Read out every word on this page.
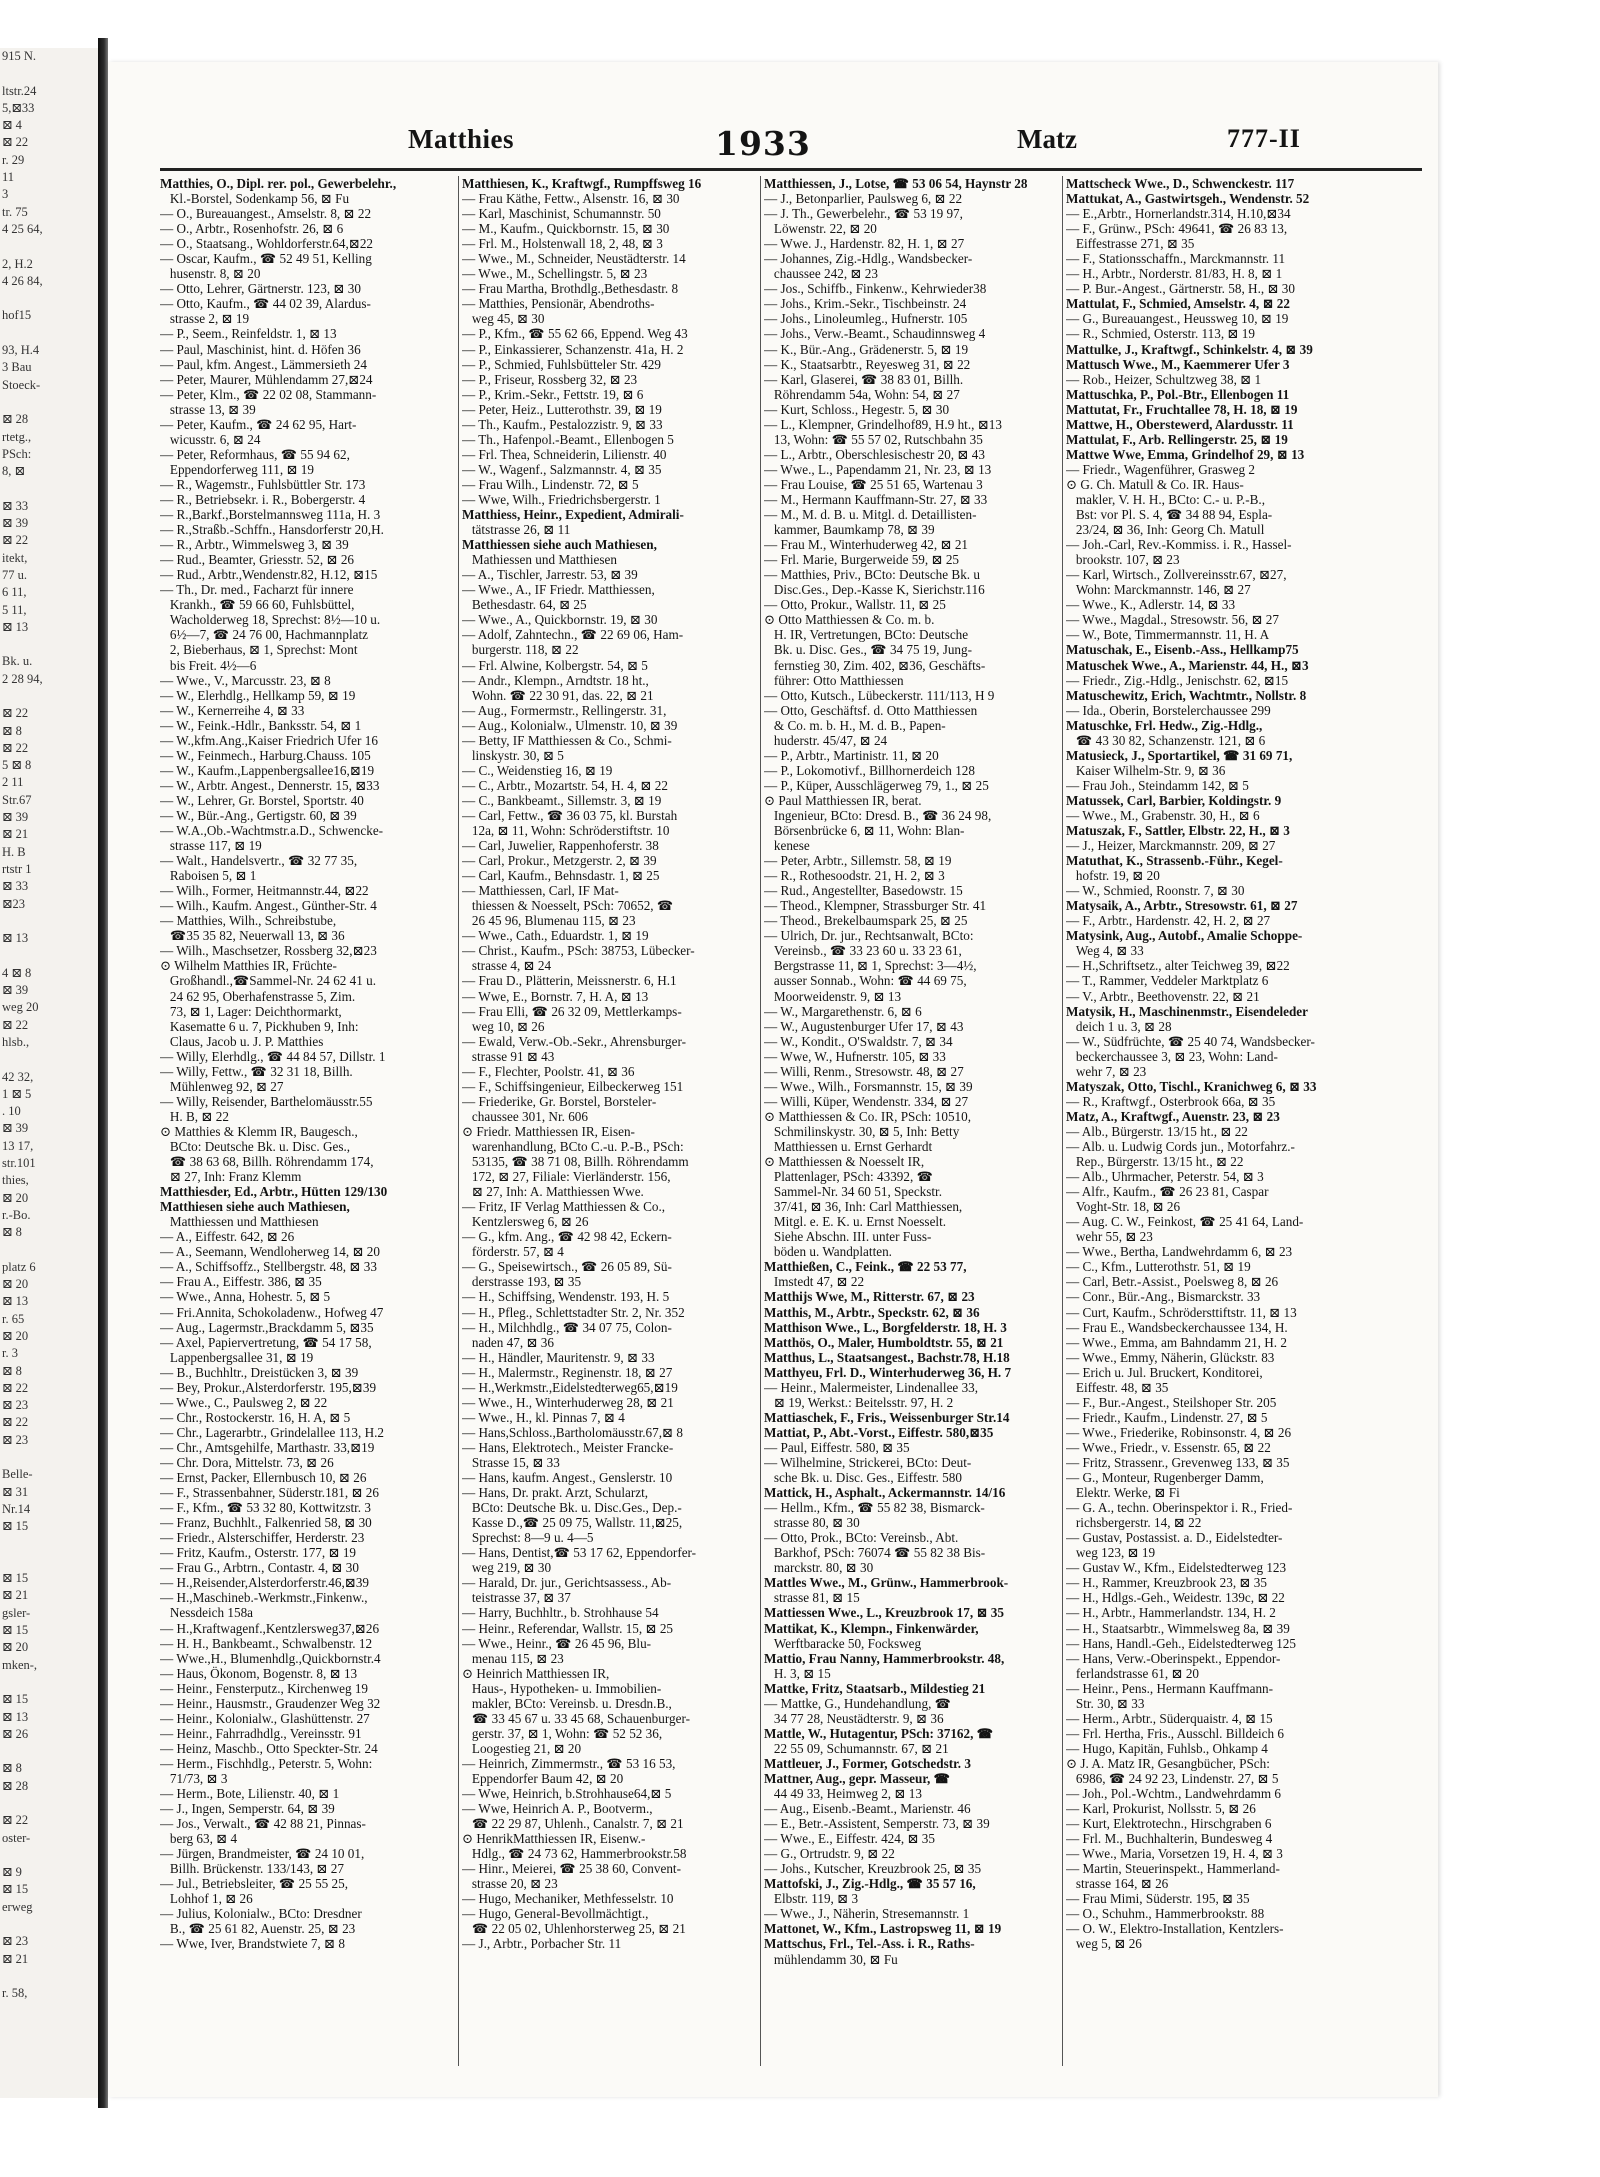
915 N.

ltstr.24
5,⊠33
⊠ 4
⊠ 22
r. 29
11
3
tr. 75
4 25 64,

2, H.2
4 26 84,

hof15

93, H.4
3 Bau
Stoeck-

⊠ 28
rtetg.,
PSch:
8, ⊠

⊠ 33
⊠ 39
⊠ 22
itekt,
77 u.
6 11,
5 11,
⊠ 13

Bk. u.
2 28 94,

⊠ 22
⊠ 8
⊠ 22
5 ⊠ 8
2 11
Str.67
⊠ 39
⊠ 21
H. B
rtstr 1
⊠ 33
⊠23

⊠ 13

4 ⊠ 8
⊠ 39
weg 20
⊠ 22
hlsb.,

42 32,
1 ⊠ 5
. 10
⊠ 39
13 17,
str.101
thies,
⊠ 20
r.-Bo.
⊠ 8

platz 6
⊠ 20
⊠ 13
r. 65
⊠ 20
r. 3
⊠ 8
⊠ 22
⊠ 23
⊠ 22
⊠ 23

Belle-
⊠ 31
Nr.14
⊠ 15

⊠ 15
⊠ 21
gsler-
⊠ 15
⊠ 20
mken-,

⊠ 15
⊠ 13
⊠ 26

⊠ 8
⊠ 28

⊠ 22
oster-

⊠ 9
⊠ 15
erweg

⊠ 23
⊠ 21

r. 58,
Matthies	1933	Matz	777-II
Matthies, O., Dipl. rer. pol., Gewerbelehr.,
Kl.-Borstel, Sodenkamp 56, ⊠ Fu
— O., Bureauangest., Amselstr. 8, ⊠ 22
— O., Arbtr., Rosenhofstr. 26, ⊠ 6
— O., Staatsang., Wohldorferstr.64,⊠22
— Oscar, Kaufm., ☎ 52 49 51, Kelling
husenstr. 8, ⊠ 20
— Otto, Lehrer, Gärtnerstr. 123, ⊠ 30
— Otto, Kaufm., ☎ 44 02 39, Alardus-
strasse 2, ⊠ 19
— P., Seem., Reinfeldstr. 1, ⊠ 13
— Paul, Maschinist, hint. d. Höfen 36
— Paul, kfm. Angest., Lämmersieth 24
— Peter, Maurer, Mühlendamm 27,⊠24
— Peter, Klm., ☎ 22 02 08, Stammann-
strasse 13, ⊠ 39
— Peter, Kaufm., ☎ 24 62 95, Hart-
wicusstr. 6, ⊠ 24
— Peter, Reformhaus, ☎ 55 94 62,
Eppendorferweg 111, ⊠ 19
— R., Wagemstr., Fuhlsbüttler Str. 173
— R., Betriebsekr. i. R., Bobergerstr. 4
— R.,Barkf.,Borstelmannsweg 111a, H. 3
— R.,Straßb.-Schffn., Hansdorferstr 20,H.
— R., Arbtr., Wimmelsweg 3, ⊠ 39
— Rud., Beamter, Griesstr. 52, ⊠ 26
— Rud., Arbtr.,Wendenstr.82, H.12, ⊠15
— Th., Dr. med., Facharzt für innere
Krankh., ☎ 59 66 60, Fuhlsbüttel,
Wacholderweg 18, Sprechst: 8½—10 u.
6½—7, ☎ 24 76 00, Hachmannplatz
2, Bieberhaus, ⊠ 1, Sprechst: Mont
bis Freit. 4½—6
— Wwe., V., Marcusstr. 23, ⊠ 8
— W., Elerhdlg., Hellkamp 59, ⊠ 19
— W., Kernerreihe 4, ⊠ 33
— W., Feink.-Hdlr., Banksstr. 54, ⊠ 1
— W.,kfm.Ang.,Kaiser Friedrich Ufer 16
— W., Feinmech., Harburg.Chauss. 105
— W., Kaufm.,Lappenbergsallee16,⊠19
— W., Arbtr. Angest., Dennerstr. 15, ⊠33
— W., Lehrer, Gr. Borstel, Sportstr. 40
— W., Bür.-Ang., Gertigstr. 60, ⊠ 39
— W.A.,Ob.-Wachtmstr.a.D., Schwencke-
strasse 117, ⊠ 19
— Walt., Handelsvertr., ☎ 32 77 35,
Raboisen 5, ⊠ 1
— Wilh., Former, Heitmannstr.44, ⊠22
— Wilh., Kaufm. Angest., Günther-Str. 4
— Matthies, Wilh., Schreibstube,
☎35 35 82, Neuerwall 13, ⊠ 36
— Wilh., Maschsetzer, Rossberg 32,⊠23
⊙ Wilhelm Matthies IR, Früchte-
Großhandl.,☎Sammel-Nr. 24 62 41 u.
24 62 95, Oberhafenstrasse 5, Zim.
73, ⊠ 1, Lager: Deichthormarkt,
Kasematte 6 u. 7, Pickhuben 9, Inh:
Claus, Jacob u. J. P. Matthies
— Willy, Elerhdlg., ☎ 44 84 57, Dillstr. 1
— Willy, Fettw., ☎ 32 31 18, Billh.
Mühlenweg 92, ⊠ 27
— Willy, Reisender, Barthelomäusstr.55
H. B, ⊠ 22
⊙ Matthies & Klemm IR, Baugesch.,
BCto: Deutsche Bk. u. Disc. Ges.,
☎ 38 63 68, Billh. Röhrendamm 174,
⊠ 27, Inh: Franz Klemm
Matthiesder, Ed., Arbtr., Hütten 129/130
Matthiesen siehe auch Mathiesen,
Matthiessen und Matthiesen
— A., Eiffestr. 642, ⊠ 26
— A., Seemann, Wendloherweg 14, ⊠ 20
— A., Schiffsoffz., Stellbergstr. 48, ⊠ 33
— Frau A., Eiffestr. 386, ⊠ 35
— Wwe., Anna, Hohestr. 5, ⊠ 5
— Fri.Annita, Schokoladenw., Hofweg 47
— Aug., Lagermstr.,Brackdamm 5, ⊠35
— Axel, Papiervertretung, ☎ 54 17 58,
Lappenbergsallee 31, ⊠ 19
— B., Buchhltr., Dreistücken 3, ⊠ 39
— Bey, Prokur.,Alsterdorferstr. 195,⊠39
— Wwe., C., Paulsweg 2, ⊠ 22
— Chr., Rostockerstr. 16, H. A, ⊠ 5
— Chr., Lagerarbtr., Grindelallee 113, H.2
— Chr., Amtsgehilfe, Marthastr. 33,⊠19
— Chr. Dora, Mittelstr. 73, ⊠ 26
— Ernst, Packer, Ellernbusch 10, ⊠ 26
— F., Strassenbahner, Süderstr.181, ⊠ 26
— F., Kfm., ☎ 53 32 80, Kottwitzstr. 3
— Franz, Buchhlt., Falkenried 58, ⊠ 30
— Friedr., Alsterschiffer, Herderstr. 23
— Fritz, Kaufm., Osterstr. 177, ⊠ 19
— Frau G., Arbtrn., Contastr. 4, ⊠ 30
— H.,Reisender,Alsterdorferstr.46,⊠39
— H.,Maschineb.-Werkmstr.,Finkenw.,
Nessdeich 158a
— H.,Kraftwagenf.,Kentzlersweg37,⊠26
— H. H., Bankbeamt., Schwalbenstr. 12
— Wwe.,H., Blumenhdlg.,Quickbornstr.4
— Haus, Ökonom, Bogenstr. 8, ⊠ 13
— Heinr., Fensterputz., Kirchenweg 19
— Heinr., Hausmstr., Graudenzer Weg 32
— Heinr., Kolonialw., Glashüttenstr. 27
— Heinr., Fahrradhdlg., Vereinsstr. 91
— Heinz, Maschb., Otto Speckter-Str. 24
— Herm., Fischhdlg., Peterstr. 5, Wohn:
71/73, ⊠ 3
— Herm., Bote, Lilienstr. 40, ⊠ 1
— J., Ingen, Semperstr. 64, ⊠ 39
— Jos., Verwalt., ☎ 42 88 21, Pinnas-
berg 63, ⊠ 4
— Jürgen, Brandmeister, ☎ 24 10 01,
Billh. Brückenstr. 133/143, ⊠ 27
— Jul., Betriebsleiter, ☎ 25 55 25,
Lohhof 1, ⊠ 26
— Julius, Kolonialw., BCto: Dresdner
B., ☎ 25 61 82, Auenstr. 25, ⊠ 23
— Wwe, Iver, Brandstwiete 7, ⊠ 8
Matthiesen, K., Kraftwgf., Rumpffsweg 16
— Frau Käthe, Fettw., Alsenstr. 16, ⊠ 30
— Karl, Maschinist, Schumannstr. 50
— M., Kaufm., Quickbornstr. 15, ⊠ 30
— Frl. M., Holstenwall 18, 2, 48, ⊠ 3
— Wwe., M., Schneider, Neustädterstr. 14
— Wwe., M., Schellingstr. 5, ⊠ 23
— Frau Martha, Brothdlg.,Bethesdastr. 8
— Matthies, Pensionär, Abendroths-
weg 45, ⊠ 30
— P., Kfm., ☎ 55 62 66, Eppend. Weg 43
— P., Einkassierer, Schanzenstr. 41a, H. 2
— P., Schmied, Fuhlsbütteler Str. 429
— P., Friseur, Rossberg 32, ⊠ 23
— P., Krim.-Sekr., Fettstr. 19, ⊠ 6
— Peter, Heiz., Lutterothstr. 39, ⊠ 19
— Th., Kaufm., Pestalozzistr. 9, ⊠ 33
— Th., Hafenpol.-Beamt., Ellenbogen 5
— Frl. Thea, Schneiderin, Lilienstr. 40
— W., Wagenf., Salzmannstr. 4, ⊠ 35
— Frau Wilh., Lindenstr. 72, ⊠ 5
— Wwe, Wilh., Friedrichsbergerstr. 1
Matthiess, Heinr., Expedient, Admirali-
tätstrasse 26, ⊠ 11
Matthiessen siehe auch Mathiesen,
Mathiessen und Matthiesen
— A., Tischler, Jarrestr. 53, ⊠ 39
— Wwe., A., IF Friedr. Matthiessen,
Bethesdastr. 64, ⊠ 25
— Wwe., A., Quickbornstr. 19, ⊠ 30
— Adolf, Zahntechn., ☎ 22 69 06, Ham-
burgerstr. 118, ⊠ 22
— Frl. Alwine, Kolbergstr. 54, ⊠ 5
— Andr., Klempn., Arndtstr. 18 ht.,
Wohn. ☎ 22 30 91, das. 22, ⊠ 21
— Aug., Formermstr., Rellingerstr. 31,
— Aug., Kolonialw., Ulmenstr. 10, ⊠ 39
— Betty, IF Matthiessen & Co., Schmi-
linskystr. 30, ⊠ 5
— C., Weidenstieg 16, ⊠ 19
— C., Arbtr., Mozartstr. 54, H. 4, ⊠ 22
— C., Bankbeamt., Sillemstr. 3, ⊠ 19
— Carl, Fettw., ☎ 36 03 75, kl. Burstah
12a, ⊠ 11, Wohn: Schröderstiftstr. 10
— Carl, Juwelier, Rappenhoferstr. 38
— Carl, Prokur., Metzgerstr. 2, ⊠ 39
— Carl, Kaufm., Behnsdastr. 1, ⊠ 25
— Matthiessen, Carl, IF Mat-
thiessen & Noesselt, PSch: 70652, ☎
26 45 96, Blumenau 115, ⊠ 23
— Wwe., Cath., Eduardstr. 1, ⊠ 19
— Christ., Kaufm., PSch: 38753, Lübecker-
strasse 4, ⊠ 24
— Frau D., Plätterin, Meissnerstr. 6, H.1
— Wwe, E., Bornstr. 7, H. A, ⊠ 13
— Frau Elli, ☎ 26 32 09, Mettlerkamps-
weg 10, ⊠ 26
— Ewald, Verw.-Ob.-Sekr., Ahrensburger-
strasse 91 ⊠ 43
— F., Flechter, Poolstr. 41, ⊠ 36
— F., Schiffsingenieur, Eilbeckerweg 151
— Friederike, Gr. Borstel, Borsteler-
chaussee 301, Nr. 606
⊙ Friedr. Matthiessen IR, Eisen-
warenhandlung, BCto C.-u. P.-B., PSch:
53135, ☎ 38 71 08, Billh. Röhrendamm
172, ⊠ 27, Filiale: Vierländerstr. 156,
⊠ 27, Inh: A. Matthiessen Wwe.
— Fritz, IF Verlag Matthiessen & Co.,
Kentzlersweg 6, ⊠ 26
— G., kfm. Ang., ☎ 42 98 42, Eckern-
förderstr. 57, ⊠ 4
— G., Speisewirtsch., ☎ 26 05 89, Sü-
derstrasse 193, ⊠ 35
— H., Schiffsing, Wendenstr. 193, H. 5
— H., Pfleg., Schlettstadter Str. 2, Nr. 352
— H., Milchhdlg., ☎ 34 07 75, Colon-
naden 47, ⊠ 36
— H., Händler, Mauritenstr. 9, ⊠ 33
— H., Malermstr., Reginenstr. 18, ⊠ 27
— H.,Werkmstr.,Eidelstedterweg65,⊠19
— Wwe., H., Winterhuderweg 28, ⊠ 21
— Wwe., H., kl. Pinnas 7, ⊠ 4
— Hans,Schloss.,Bartholomäusstr.67,⊠ 8
— Hans, Elektrotech., Meister Francke-
Strasse 15, ⊠ 33
— Hans, kaufm. Angest., Genslerstr. 10
— Hans, Dr. prakt. Arzt, Schularzt,
BCto: Deutsche Bk. u. Disc.Ges., Dep.-
Kasse D.,☎ 25 09 75, Wallstr. 11,⊠25,
Sprechst: 8—9 u. 4—5
— Hans, Dentist,☎ 53 17 62, Eppendorfer-
weg 219, ⊠ 30
— Harald, Dr. jur., Gerichtsassess., Ab-
teistrasse 37, ⊠ 37
— Harry, Buchhltr., b. Strohhause 54
— Heinr., Referendar, Wallstr. 15, ⊠ 25
— Wwe., Heinr., ☎ 26 45 96, Blu-
menau 115, ⊠ 23
⊙ Heinrich Matthiessen IR,
Haus-, Hypotheken- u. Immobilien-
makler, BCto: Vereinsb. u. Dresdn.B.,
☎ 33 45 67 u. 33 45 68, Schauenburger-
gerstr. 37, ⊠ 1, Wohn: ☎ 52 52 36,
Loogestieg 21, ⊠ 20
— Heinrich, Zimmermstr., ☎ 53 16 53,
Eppendorfer Baum 42, ⊠ 20
— Wwe, Heinrich, b.Strohhause64,⊠ 5
— Wwe, Heinrich A. P., Bootverm.,
☎ 22 29 87, Uhlenh., Canalstr. 7, ⊠ 21
⊙ HenrikMatthiessen IR, Eisenw.-
Hdlg., ☎ 24 73 62, Hammerbrookstr.58
— Hinr., Meierei, ☎ 25 38 60, Convent-
strasse 20, ⊠ 23
— Hugo, Mechaniker, Methfesselstr. 10
— Hugo, General-Bevollmächtigt.,
☎ 22 05 02, Uhlenhorsterweg 25, ⊠ 21
— J., Arbtr., Porbacher Str. 11
Matthiessen, J., Lotse, ☎ 53 06 54, Haynstr 28
— J., Betonparlier, Paulsweg 6, ⊠ 22
— J. Th., Gewerbelehr., ☎ 53 19 97,
Löwenstr. 22, ⊠ 20
— Wwe. J., Hardenstr. 82, H. 1, ⊠ 27
— Johannes, Zig.-Hdlg., Wandsbecker-
chaussee 242, ⊠ 23
— Jos., Schiffb., Finkenw., Kehrwieder38
— Johs., Krim.-Sekr., Tischbeinstr. 24
— Johs., Linoleumleg., Hufnerstr. 105
— Johs., Verw.-Beamt., Schaudinnsweg 4
— K., Bür.-Ang., Grädenerstr. 5, ⊠ 19
— K., Staatsarbtr., Reyesweg 31, ⊠ 22
— Karl, Glaserei, ☎ 38 83 01, Billh.
Röhrendamm 54a, Wohn: 54, ⊠ 27
— Kurt, Schloss., Hegestr. 5, ⊠ 30
— L., Klempner, Grindelhof89, H.9 ht., ⊠13
13, Wohn: ☎ 55 57 02, Rutschbahn 35
— L., Arbtr., Oberschlesischestr 20, ⊠ 43
— Wwe., L., Papendamm 21, Nr. 23, ⊠ 13
— Frau Louise, ☎ 25 51 65, Wartenau 3
— M., Hermann Kauffmann-Str. 27, ⊠ 33
— M., M. d. B. u. Mitgl. d. Detaillisten-
kammer, Baumkamp 78, ⊠ 39
— Frau M., Winterhuderweg 42, ⊠ 21
— Frl. Marie, Burgerweide 59, ⊠ 25
— Matthies, Priv., BCto: Deutsche Bk. u
Disc.Ges., Dep.-Kasse K, Sierichstr.116
— Otto, Prokur., Wallstr. 11, ⊠ 25
⊙ Otto Matthiessen & Co. m. b.
H. IR, Vertretungen, BCto: Deutsche
Bk. u. Disc. Ges., ☎ 34 75 19, Jung-
fernstieg 30, Zim. 402, ⊠36, Geschäfts-
führer: Otto Matthiessen
— Otto, Kutsch., Lübeckerstr. 111/113, H 9
— Otto, Geschäftsf. d. Otto Matthiessen
& Co. m. b. H., M. d. B., Papen-
huderstr. 45/47, ⊠ 24
— P., Arbtr., Martinistr. 11, ⊠ 20
— P., Lokomotivf., Billhornerdeich 128
— P., Küper, Ausschlägerweg 79, 1., ⊠ 25
⊙ Paul Matthiessen IR, berat.
Ingenieur, BCto: Dresd. B., ☎ 36 24 98,
Börsenbrücke 6, ⊠ 11, Wohn: Blan-
kenese
— Peter, Arbtr., Sillemstr. 58, ⊠ 19
— R., Rothesoodstr. 21, H. 2, ⊠ 3
— Rud., Angestellter, Basedowstr. 15
— Theod., Klempner, Strassburger Str. 41
— Theod., Brekelbaumspark 25, ⊠ 25
— Ulrich, Dr. jur., Rechtsanwalt, BCto:
Vereinsb., ☎ 33 23 60 u. 33 23 61,
Bergstrasse 11, ⊠ 1, Sprechst: 3—4½,
ausser Sonnab., Wohn: ☎ 44 69 75,
Moorweidenstr. 9, ⊠ 13
— W., Margarethenstr. 6, ⊠ 6
— W., Augustenburger Ufer 17, ⊠ 43
— W., Kondit., O'Swaldstr. 7, ⊠ 34
— Wwe, W., Hufnerstr. 105, ⊠ 33
— Willi, Renm., Stresowstr. 48, ⊠ 27
— Wwe., Wilh., Forsmannstr. 15, ⊠ 39
— Willi, Küper, Wendenstr. 334, ⊠ 27
⊙ Matthiessen & Co. IR, PSch: 10510,
Schmilinskystr. 30, ⊠ 5, Inh: Betty
Matthiessen u. Ernst Gerhardt
⊙ Matthiessen & Noesselt IR,
Plattenlager, PSch: 43392, ☎
Sammel-Nr. 34 60 51, Speckstr.
37/41, ⊠ 36, Inh: Carl Matthiessen,
Mitgl. e. E. K. u. Ernst Noesselt.
Siehe Abschn. III. unter Fuss-
böden u. Wandplatten.
Matthießen, C., Feink., ☎ 22 53 77,
Imstedt 47, ⊠ 22
Matthijs Wwe, M., Ritterstr. 67, ⊠ 23
Matthis, M., Arbtr., Speckstr. 62, ⊠ 36
Matthison Wwe., L., Borgfelderstr. 18, H. 3
Matthös, O., Maler, Humboldtstr. 55, ⊠ 21
Matthus, L., Staatsangest., Bachstr.78, H.18
Matthyeu, Frl. D., Winterhuderweg 36, H. 7
— Heinr., Malermeister, Lindenallee 33,
⊠ 19, Werkst.: Beitelsstr. 97, H. 2
Mattiaschek, F., Fris., Weissenburger Str.14
Mattiat, P., Abt.-Vorst., Eiffestr. 580,⊠35
— Paul, Eiffestr. 580, ⊠ 35
— Wilhelmine, Strickerei, BCto: Deut-
sche Bk. u. Disc. Ges., Eiffestr. 580
Mattick, H., Asphalt., Ackermannstr. 14/16
— Hellm., Kfm., ☎ 55 82 38, Bismarck-
strasse 80, ⊠ 30
— Otto, Prok., BCto: Vereinsb., Abt.
Barkhof, PSch: 76074 ☎ 55 82 38 Bis-
marckstr. 80, ⊠ 30
Mattles Wwe., M., Grünw., Hammerbrook-
strasse 81, ⊠ 15
Mattiessen Wwe., L., Kreuzbrook 17, ⊠ 35
Mattikat, K., Klempn., Finkenwärder,
Werftbaracke 50, Focksweg
Mattio, Frau Nanny, Hammerbrookstr. 48,
H. 3, ⊠ 15
Mattke, Fritz, Staatsarb., Mildestieg 21
— Mattke, G., Hundehandlung, ☎
34 77 28, Neustädterstr. 9, ⊠ 36
Mattle, W., Hutagentur, PSch: 37162, ☎
22 55 09, Schumannstr. 67, ⊠ 21
Mattleuer, J., Former, Gotschedstr. 3
Mattner, Aug., gepr. Masseur, ☎
44 49 33, Heimweg 2, ⊠ 13
— Aug., Eisenb.-Beamt., Marienstr. 46
— E., Betr.-Assistent, Semperstr. 73, ⊠ 39
— Wwe., E., Eiffestr. 424, ⊠ 35
— G., Ortrudstr. 9, ⊠ 22
— Johs., Kutscher, Kreuzbrook 25, ⊠ 35
Mattofski, J., Zig.-Hdlg., ☎ 35 57 16,
Elbstr. 119, ⊠ 3
— Wwe., J., Näherin, Stresemannstr. 1
Mattonet, W., Kfm., Lastropsweg 11, ⊠ 19
Mattschus, Frl., Tel.-Ass. i. R., Raths-
mühlendamm 30, ⊠ Fu
Mattscheck Wwe., D., Schwenckestr. 117
Mattukat, A., Gastwirtsgeh., Wendenstr. 52
— E.,Arbtr., Hornerlandstr.314, H.10,⊠34
— F., Grünw., PSch: 49641, ☎ 26 83 13,
Eiffestrasse 271, ⊠ 35
— F., Stationsschaffn., Marckmannstr. 11
— H., Arbtr., Norderstr. 81/83, H. 8, ⊠ 1
— P. Bur.-Angest., Gärtnerstr. 58, H., ⊠ 30
Mattulat, F., Schmied, Amselstr. 4, ⊠ 22
— G., Bureauangest., Heussweg 10, ⊠ 19
— R., Schmied, Osterstr. 113, ⊠ 19
Mattulke, J., Kraftwgf., Schinkelstr. 4, ⊠ 39
Mattusch Wwe., M., Kaemmerer Ufer 3
— Rob., Heizer, Schultzweg 38, ⊠ 1
Mattuschka, P., Pol.-Btr., Ellenbogen 11
Mattutat, Fr., Fruchtallee 78, H. 18, ⊠ 19
Mattwe, H., Oberstewerd, Alardusstr. 11
Mattulat, F., Arb. Rellingerstr. 25, ⊠ 19
Mattwe Wwe, Emma, Grindelhof 29, ⊠ 13
— Friedr., Wagenführer, Grasweg 2
⊙ G. Ch. Matull & Co. IR. Haus-
makler, V. H. H., BCto: C.- u. P.-B.,
Bst: vor Pl. S. 4, ☎ 34 88 94, Espla-
23/24, ⊠ 36, Inh: Georg Ch. Matull
— Joh.-Carl, Rev.-Kommiss. i. R., Hassel-
brookstr. 107, ⊠ 23
— Karl, Wirtsch., Zollvereinsstr.67, ⊠27,
Wohn: Marckmannstr. 146, ⊠ 27
— Wwe., K., Adlerstr. 14, ⊠ 33
— Wwe., Magdal., Stresowstr. 56, ⊠ 27
— W., Bote, Timmermannstr. 11, H. A
Matuschak, E., Eisenb.-Ass., Hellkamp75
Matuschek Wwe., A., Marienstr. 44, H., ⊠3
— Friedr., Zig.-Hdlg., Jenischstr. 62, ⊠15
Matuschewitz, Erich, Wachtmtr., Nollstr. 8
— Ida., Oberin, Borstelerchaussee 299
Matuschke, Frl. Hedw., Zig.-Hdlg.,
☎ 43 30 82, Schanzenstr. 121, ⊠ 6
Matusieck, J., Sportartikel, ☎ 31 69 71,
Kaiser Wilhelm-Str. 9, ⊠ 36
— Frau Joh., Steindamm 142, ⊠ 5
Matussek, Carl, Barbier, Koldingstr. 9
— Wwe., M., Grabenstr. 30, H., ⊠ 6
Matuszak, F., Sattler, Elbstr. 22, H., ⊠ 3
— J., Heizer, Marckmannstr. 209, ⊠ 27
Matuthat, K., Strassenb.-Führ., Kegel-
hofstr. 19, ⊠ 20
— W., Schmied, Roonstr. 7, ⊠ 30
Matysaik, A., Arbtr., Stresowstr. 61, ⊠ 27
— F., Arbtr., Hardenstr. 42, H. 2, ⊠ 27
Matysink, Aug., Autobf., Amalie Schoppe-
Weg 4, ⊠ 33
— H.,Schriftsetz., alter Teichweg 39, ⊠22
— T., Rammer, Veddeler Marktplatz 6
— V., Arbtr., Beethovenstr. 22, ⊠ 21
Matysik, H., Maschinenmstr., Eisendeleder
deich 1 u. 3, ⊠ 28
— W., Südfrüchte, ☎ 25 40 74, Wandsbecker-
beckerchaussee 3, ⊠ 23, Wohn: Land-
wehr 7, ⊠ 23
Matyszak, Otto, Tischl., Kranichweg 6, ⊠ 33
— R., Kraftwgf., Osterbrook 66a, ⊠ 35
Matz, A., Kraftwgf., Auenstr. 23, ⊠ 23
— Alb., Bürgerstr. 13/15 ht., ⊠ 22
— Alb. u. Ludwig Cords jun., Motorfahrz.-
Rep., Bürgerstr. 13/15 ht., ⊠ 22
— Alb., Uhrmacher, Peterstr. 54, ⊠ 3
— Alfr., Kaufm., ☎ 26 23 81, Caspar
Voght-Str. 18, ⊠ 26
— Aug. C. W., Feinkost, ☎ 25 41 64, Land-
wehr 55, ⊠ 23
— Wwe., Bertha, Landwehrdamm 6, ⊠ 23
— C., Kfm., Lutterothstr. 51, ⊠ 19
— Carl, Betr.-Assist., Poelsweg 8, ⊠ 26
— Conr., Bür.-Ang., Bismarckstr. 33
— Curt, Kaufm., Schrödersttiftstr. 11, ⊠ 13
— Frau E., Wandsbeckerchaussee 134, H.
— Wwe., Emma, am Bahndamm 21, H. 2
— Wwe., Emmy, Näherin, Glückstr. 83
— Erich u. Jul. Bruckert, Konditorei,
Eiffestr. 48, ⊠ 35
— F., Bur.-Angest., Steilshoper Str. 205
— Friedr., Kaufm., Lindenstr. 27, ⊠ 5
— Wwe., Friederike, Robinsonstr. 4, ⊠ 26
— Wwe., Friedr., v. Essenstr. 65, ⊠ 22
— Fritz, Strassenr., Grevenweg 133, ⊠ 35
— G., Monteur, Rugenberger Damm,
Elektr. Werke, ⊠ Fi
— G. A., techn. Oberinspektor i. R., Fried-
richsbergerstr. 14, ⊠ 22
— Gustav, Postassist. a. D., Eidelstedter-
weg 123, ⊠ 19
— Gustav W., Kfm., Eidelstedterweg 123
— H., Rammer, Kreuzbrook 23, ⊠ 35
— H., Hdlgs.-Geh., Weidestr. 139c, ⊠ 22
— H., Arbtr., Hammerlandstr. 134, H. 2
— H., Staatsarbtr., Wimmelsweg 8a, ⊠ 39
— Hans, Handl.-Geh., Eidelstedterweg 125
— Hans, Verw.-Oberinspekt., Eppendor-
ferlandstrasse 61, ⊠ 20
— Heinr., Pens., Hermann Kauffmann-
Str. 30, ⊠ 33
— Herm., Arbtr., Süderquaistr. 4, ⊠ 15
— Frl. Hertha, Fris., Ausschl. Billdeich 6
— Hugo, Kapitän, Fuhlsb., Ohkamp 4
⊙ J. A. Matz IR, Gesangbücher, PSch:
6986, ☎ 24 92 23, Lindenstr. 27, ⊠ 5
— Joh., Pol.-Wchtm., Landwehrdamm 6
— Karl, Prokurist, Nollsstr. 5, ⊠ 26
— Kurt, Elektrotechn., Hirschgraben 6
— Frl. M., Buchhalterin, Bundesweg 4
— Wwe., Maria, Vorsetzen 19, H. 4, ⊠ 3
— Martin, Steuerinspekt., Hammerland-
strasse 164, ⊠ 26
— Frau Mimi, Süderstr. 195, ⊠ 35
— O., Schuhm., Hammerbrookstr. 88
— O. W., Elektro-Installation, Kentzlers-
weg 5, ⊠ 26
